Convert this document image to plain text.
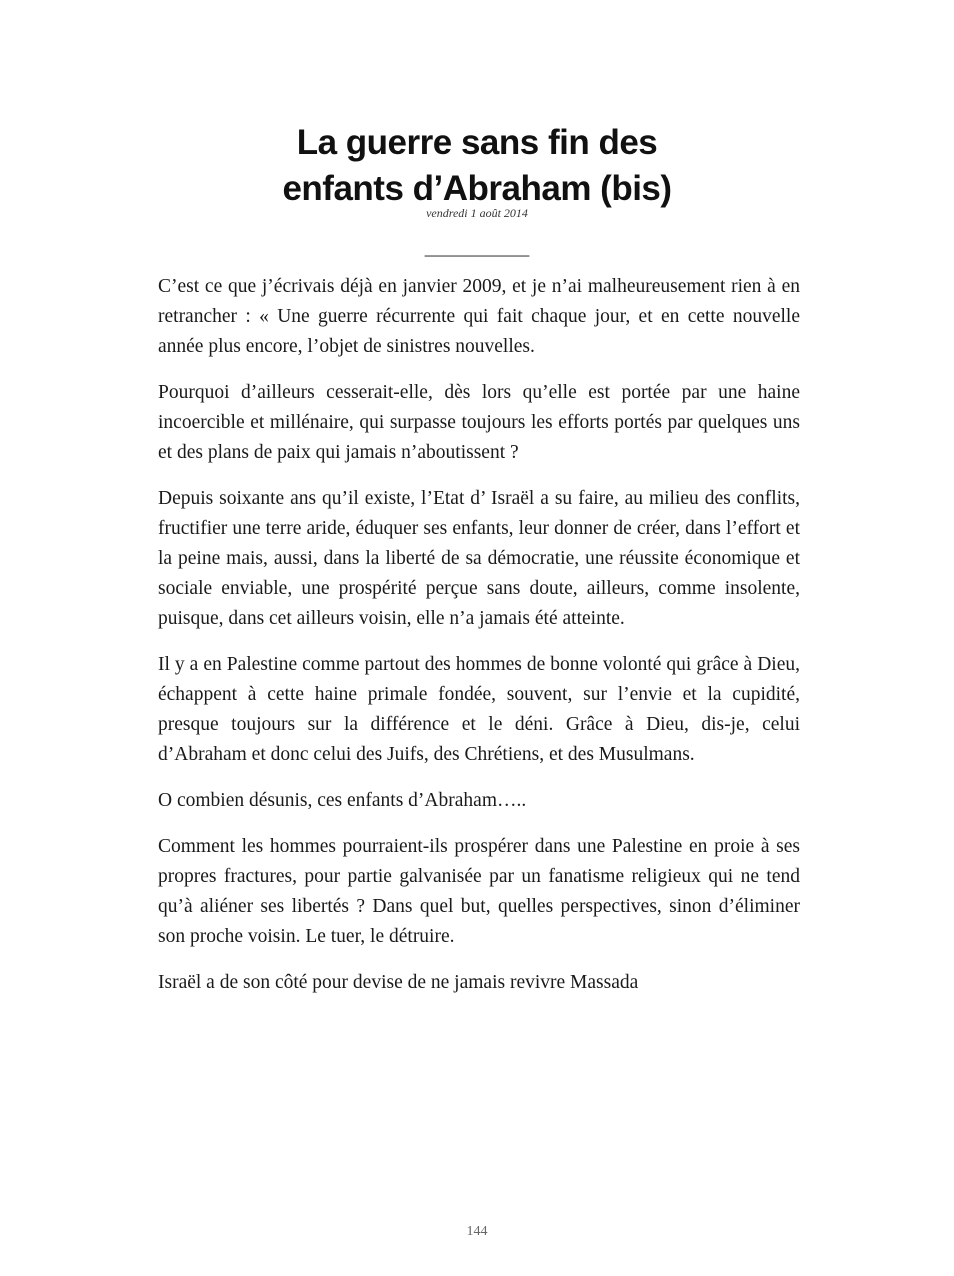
La guerre sans fin des
enfants d’Abraham (bis)
vendredi 1 août 2014
___________

C’est ce que j’écrivais déjà en janvier 2009, et je n’ai malheureusement rien à en retrancher : « Une guerre récurrente qui fait chaque jour, et en cette nouvelle année plus encore, l’objet de sinistres nouvelles.

Pourquoi d’ailleurs cesserait-elle, dès lors qu’elle est portée par une haine incoercible et millénaire, qui surpasse toujours les efforts portés par quelques uns et des plans de paix qui jamais n’aboutissent ?

Depuis soixante ans qu’il existe, l’Etat d’ Israël a su faire, au milieu des conflits, fructifier une terre aride, éduquer ses enfants, leur donner de créer, dans l’effort et la peine mais, aussi, dans la liberté de sa démocratie, une réussite économique et sociale enviable, une prospérité perçue sans doute, ailleurs, comme insolente, puisque, dans cet ailleurs voisin, elle n’a jamais été atteinte.

Il y a en Palestine comme partout des hommes de bonne volonté qui grâce à Dieu, échappent à cette haine primale fondée, souvent, sur l’envie et la cupidité, presque toujours sur la différence et le déni. Grâce à Dieu, dis-je, celui d’Abraham et donc celui des Juifs, des Chrétiens, et des Musulmans.

O combien désunis, ces enfants d’Abraham…..

Comment les hommes pourraient-ils prospérer dans une Palestine en proie à ses propres fractures, pour partie galvanisée par un fanatisme religieux qui ne tend qu’à aliéner ses libertés ? Dans quel but, quelles perspectives, sinon d’éliminer son proche voisin. Le tuer, le détruire.

Israël a de son côté pour devise de ne jamais revivre Massada

144
